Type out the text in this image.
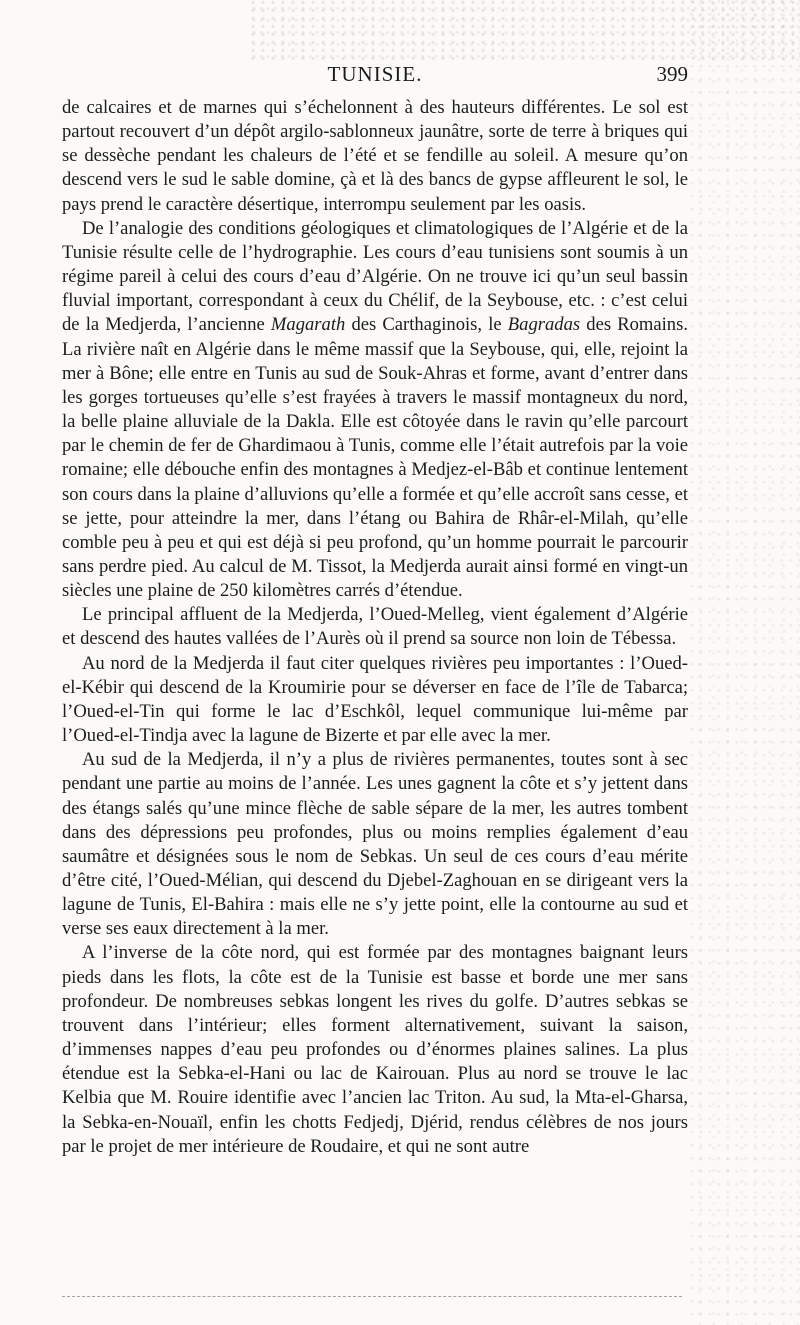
TUNISIE.	399

de calcaires et de marnes qui s’échelonnent à des hauteurs différentes. Le sol est partout recouvert d’un dépôt argilo-sablonneux jaunâtre, sorte de terre à briques qui se dessèche pendant les chaleurs de l’été et se fendille au soleil. A mesure qu’on descend vers le sud le sable domine, çà et là des bancs de gypse affleurent le sol, le pays prend le caractère désertique, interrompu seulement par les oasis.

De l’analogie des conditions géologiques et climatologiques de l’Algérie et de la Tunisie résulte celle de l’hydrographie. Les cours d’eau tunisiens sont soumis à un régime pareil à celui des cours d’eau d’Algérie. On ne trouve ici qu’un seul bassin fluvial important, correspondant à ceux du Chélif, de la Seybouse, etc. : c’est celui de la Medjerda, l’ancienne Magarath des Carthaginois, le Bagradas des Romains. La rivière naît en Algérie dans le même massif que la Seybouse, qui, elle, rejoint la mer à Bône; elle entre en Tunis au sud de Souk-Ahras et forme, avant d’entrer dans les gorges tortueuses qu’elle s’est frayées à travers le massif montagneux du nord, la belle plaine alluviale de la Dakla. Elle est côtoyée dans le ravin qu’elle parcourt par le chemin de fer de Ghardimaou à Tunis, comme elle l’était autrefois par la voie romaine; elle débouche enfin des montagnes à Medjez-el-Bâb et continue lentement son cours dans la plaine d’alluvions qu’elle a formée et qu’elle accroît sans cesse, et se jette, pour atteindre la mer, dans l’étang ou Bahira de Rhâr-el-Milah, qu’elle comble peu à peu et qui est déjà si peu profond, qu’un homme pourrait le parcourir sans perdre pied. Au calcul de M. Tissot, la Medjerda aurait ainsi formé en vingt-un siècles une plaine de 250 kilomètres carrés d’étendue.

Le principal affluent de la Medjerda, l’Oued-Melleg, vient également d’Algérie et descend des hautes vallées de l’Aurès où il prend sa source non loin de Tébessa.

Au nord de la Medjerda il faut citer quelques rivières peu importantes : l’Oued-el-Kébir qui descend de la Kroumirie pour se déverser en face de l’île de Tabarca; l’Oued-el-Tin qui forme le lac d’Eschkôl, lequel communique lui-même par l’Oued-el-Tindja avec la lagune de Bizerte et par elle avec la mer.

Au sud de la Medjerda, il n’y a plus de rivières permanentes, toutes sont à sec pendant une partie au moins de l’année. Les unes gagnent la côte et s’y jettent dans des étangs salés qu’une mince flèche de sable sépare de la mer, les autres tombent dans des dépressions peu profondes, plus ou moins remplies également d’eau saumâtre et désignées sous le nom de Sebkas. Un seul de ces cours d’eau mérite d’être cité, l’Oued-Mélian, qui descend du Djebel-Zaghouan en se dirigeant vers la lagune de Tunis, El-Bahira : mais elle ne s’y jette point, elle la contourne au sud et verse ses eaux directement à la mer.

A l’inverse de la côte nord, qui est formée par des montagnes baignant leurs pieds dans les flots, la côte est de la Tunisie est basse et borde une mer sans profondeur. De nombreuses sebkas longent les rives du golfe. D’autres sebkas se trouvent dans l’intérieur; elles forment alternativement, suivant la saison, d’immenses nappes d’eau peu profondes ou d’énormes plaines salines. La plus étendue est la Sebka-el-Hani ou lac de Kairouan. Plus au nord se trouve le lac Kelbia que M. Rouire identifie avec l’ancien lac Triton. Au sud, la Mta-el-Gharsa, la Sebka-en-Nouaïl, enfin les chotts Fedjedj, Djérid, rendus célèbres de nos jours par le projet de mer intérieure de Roudaire, et qui ne sont autre
